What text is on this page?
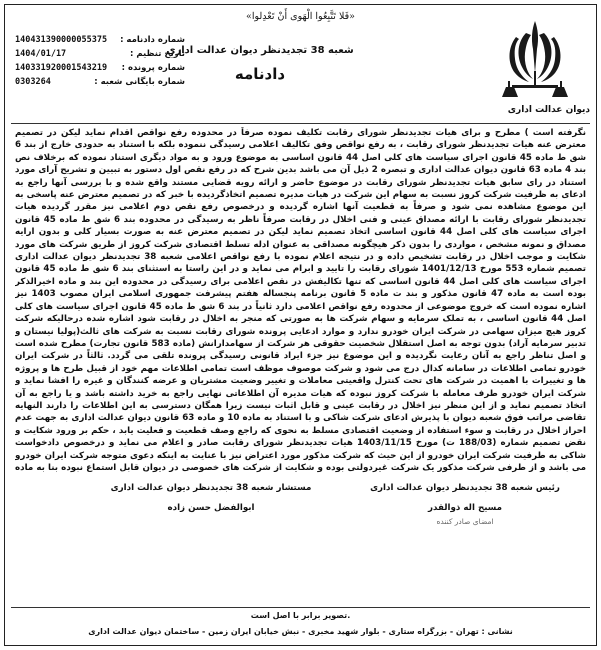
دیوان عدالت اداری
«فَلا تَتَّبِعُوا الْهَوی أَنْ تَعْدِلوا»
شعبه 38 تجدیدنظر دیوان عدالت اداری
دادنامه
شماره دادنامه :
140431390000055375
تاریخ تنظیم :
1404/01/17
شماره پرونده :
140331920001543219
شماره بایگانی شعبه :
0303264
نگرفته است ) مطرح و برای هیات تجدیدنظر شورای رقابت تکلیف نموده صرفاً در محدوده رفع نواقص اقدام نماید لیکن در تصمیم معترض عنه هیات تجدیدنظر شورای رقابت ، به رفع نواقص وفق تکالیف اعلامی رسیدگی ننموده بلکه با استناد به حدودی خارج از بند 6 شق ط ماده 45 قانون اجرای سیاست های کلی اصل 44 قانون اساسی به موضوع ورود و به مواد دیگری استناد نموده که برخلاف نص بند 4 ماده 63 قانون دیوان عدالت اداری و تبصره 2 ذیل آن می باشد بدین شرح که در رفع نقص اول دستور به تبیین و تشریح آرای مورد استناد در رای سابق هیات تجدیدنظر شورای رقابت در موضوع حاضر و ارائه رویه قضایی مستند واقع شده و با بررسی آنها راجع به ادعای به ظرفیت شرکت کروز نسبت به سهام این شرکت در هیات مدیره تصمیم اتخاذگردیده با خبر که در تصمیم معترض عنه پاسخی به این موضوع مشاهده نمی شود و صرفاً به قطعیت آنها اشاره گردیده و درخصوص رفع نقص دوم اعلامی نیز مقرر گردیده هیات تجدیدنظر شورای رقابت با ارائه مصداق عینی و فنی اخلال در رقابت صرفاً ناظر به رسیدگی در محدوده بند 6 شق ط ماده 45 قانون اجرای سیاست های کلی اصل 44 قانون اساسی اتخاذ تصمیم نماید لیکن در تصمیم معترض عنه به صورت بسیار کلی و بدون ارایه مصداق و نمونه مشخص ، مواردی را بدون ذکر هیچگونه مصداقی به عنوان ادله تسلط اقتصادی شرکت کروز از طریق شرکت های مورد شکایت و موجب اخلال در رقابت تشخیص داده و در نتیجه اعلام نموده با رفع نواقص اعلامی شعبه 38 تجدیدنظر دیوان عدالت اداری تصمیم شماره 553 مورخ 1401/12/13 شورای رقابت را تایید و ابرام می نماید و در این راستا به استثنای بند 6 شق ط ماده 45 قانون اجرای سیاست های کلی اصل 44 قانون اساسی که تنها تکالیفش در نقص اعلامی برای رسیدگی در محدوده این بند و ماده اخیرالذکر بوده است به ماده 47 قانون مذکور و بند ت ماده 5 قانون برنامه پنجساله هفتم پیشرفت جمهوری اسلامی ایران مصوب 1403 نیز اشاره نموده است که خروج موضوعی از محدوده رفع نواقص اعلامی دارد ثانیاً در بند 6 شق ط ماده 45 قانون اجرای سیاست های کلی اصل 44 قانون اساسی ، به تملک سرمایه و سهام شرکت ها به صورتی که منجر به اخلال در رقابت شود اشاره شده درحالیکه شرکت کروز هیچ میزان سهامی در شرکت ایران خودرو ندارد و موارد ادعایی پرونده شورای رقابت نسبت به شرکت های ثالث(پولیا نیستان و تدبیر سرمایه آراد) بدون توجه به اصل استقلال شخصیت حقوقی هر شرکت از سهامدارانش (ماده 583 قانون تجارت) مطرح شده است و اصل تناظر راجع به آنان رعایت نگردیده و این موضوع نیز جزء ایراد قانونی رسیدگی پرونده تلقی می گردد. ثالثاً در شرکت ایران خودرو تمامی اطلاعات در سامانه کدال درج می شود و شرکت موصوف موظف است تمامی اطلاعات مهم خود از قبیل طرح ها و پروژه ها و تغییرات با اهمیت در شرکت های تحت کنترل واقعیتی معاملات و تغییر وضعیت مشتریان و عرضه کنندگان و غیره را افشا نماید و شرکت ایران خودرو طرف معامله با شرکت کروز نبوده که هیات مدیره آن اطلاعاتی نهایی راجع به خرید داشته باشد و یا راجع به آن اتخاذ تصمیم نماید و از این منظر نیز اخلال در رقابت عینی و قابل اثبات نیست زیرا همگان دسترسی به این اطلاعات را دارند النهایه تقاضی مراتب فوق شعبه دیوان با پذیرش ادعای شرکت شاکی و با استناد به ماده 10 و ماده 63 قانون دیوان عدالت اداری به جهت عدم احراز اخلال در رقابت و سوء استفاده از وضعیت اقتصادی مسلط به نحوی که راجع وصف قطعیت و فعلیت یابد ، حکم بر ورود شکایت و نقض تصمیم شماره (188/03 ت) مورخ 1403/11/15 هیات تجدیدنظر شورای رقابت صادر و اعلام می نماید و درخصوص دادخواست شاکی به طرفیت شرکت ایران خودرو از این حیث که شرکت مذکور مورد اعتراض نیز با عنایت به اینکه دعوی متوجه شرکت ایران خودرو می باشد و از طرفی شرکت مذکور یک شرکت غیردولتی بوده و شکایت از شرکت های خصوصی در دیوان قابل استماع نبوده بنا به ماده
رئیس شعبه 38 تجدیدنظر دیوان عدالت اداری
مسیح اله ذوالقدر
امضای صادر کننده
مستشار شعبه 38 تجدیدنظر دیوان عدالت اداری
ابوالفضل حسن زاده
تصویر برابر با اصل است.
نشانی : تهران - بزرگراه ستاری - بلوار شهید مخبری - نبش خیابان ایران زمین - ساختمان دیوان عدالت اداری
